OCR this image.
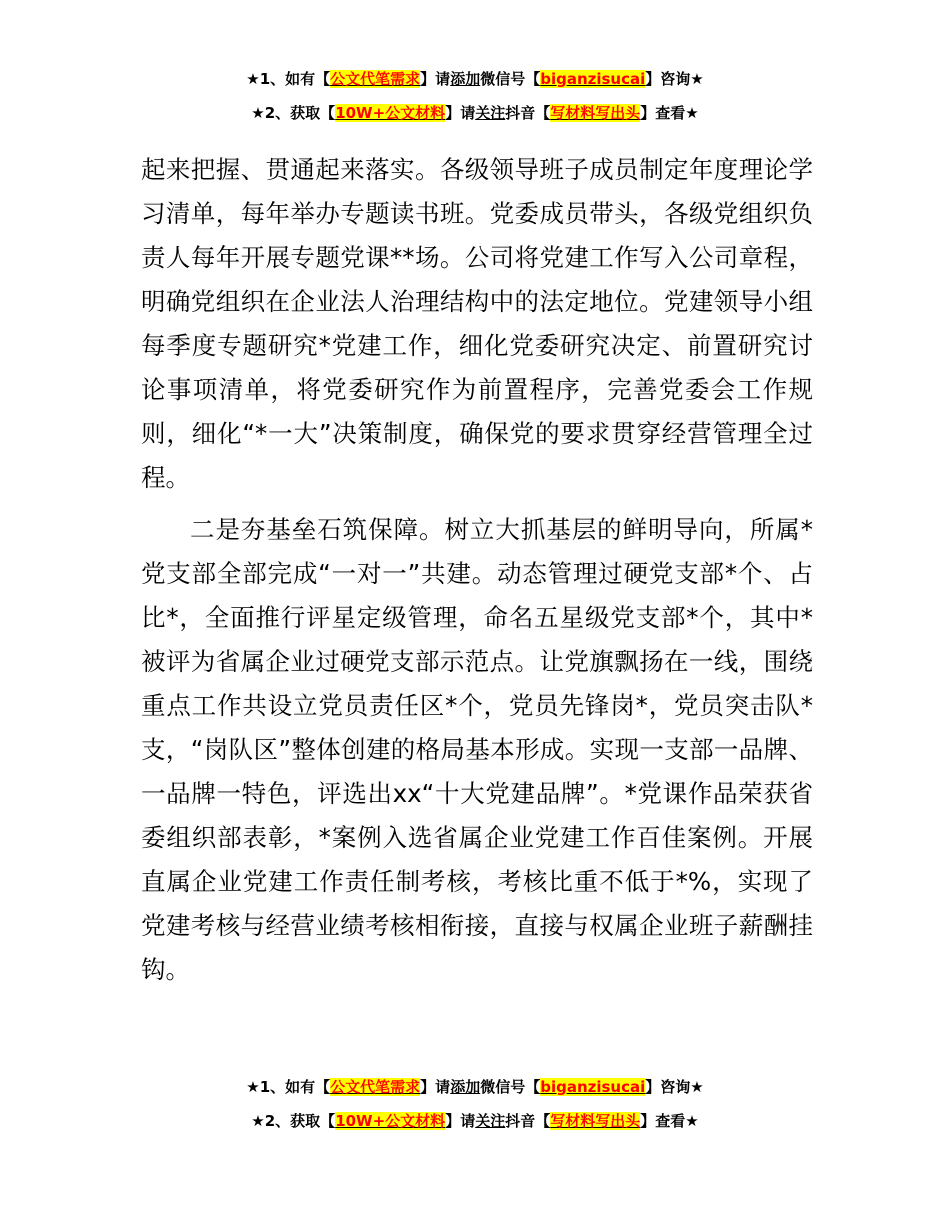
★1、如有【公文代笔需求】请添加微信号【biganzisucai】咨询★
★2、获取【10W+公文材料】请关注抖音【写材料写出头】查看★

起来把握、贯通起来落实。各级领导班子成员制定年度理论学习清单，每年举办专题读书班。党委成员带头，各级党组织负责人每年开展专题党课**场。公司将党建工作写入公司章程，明确党组织在企业法人治理结构中的法定地位。党建领导小组每季度专题研究*党建工作，细化党委研究决定、前置研究讨论事项清单，将党委研究作为前置程序，完善党委会工作规则，细化“*一大”决策制度，确保党的要求贯穿经营管理全过程。

二是夯基垒石筑保障。树立大抓基层的鲜明导向，所属*党支部全部完成“一对一”共建。动态管理过硬党支部*个、占比*，全面推行评星定级管理，命名五星级党支部*个，其中*被评为省属企业过硬党支部示范点。让党旗飘扬在一线，围绕重点工作共设立党员责任区*个，党员先锋岗*，党员突击队*支，“岗队区”整体创建的格局基本形成。实现一支部一品牌、一品牌一特色，评选出xx“十大党建品牌”。*党课作品荣获省委组织部表彰，*案例入选省属企业党建工作百佳案例。开展直属企业党建工作责任制考核，考核比重不低于*%，实现了党建考核与经营业绩考核相衔接，直接与权属企业班子薪酬挂钩。

★1、如有【公文代笔需求】请添加微信号【biganzisucai】咨询★
★2、获取【10W+公文材料】请关注抖音【写材料写出头】查看★
